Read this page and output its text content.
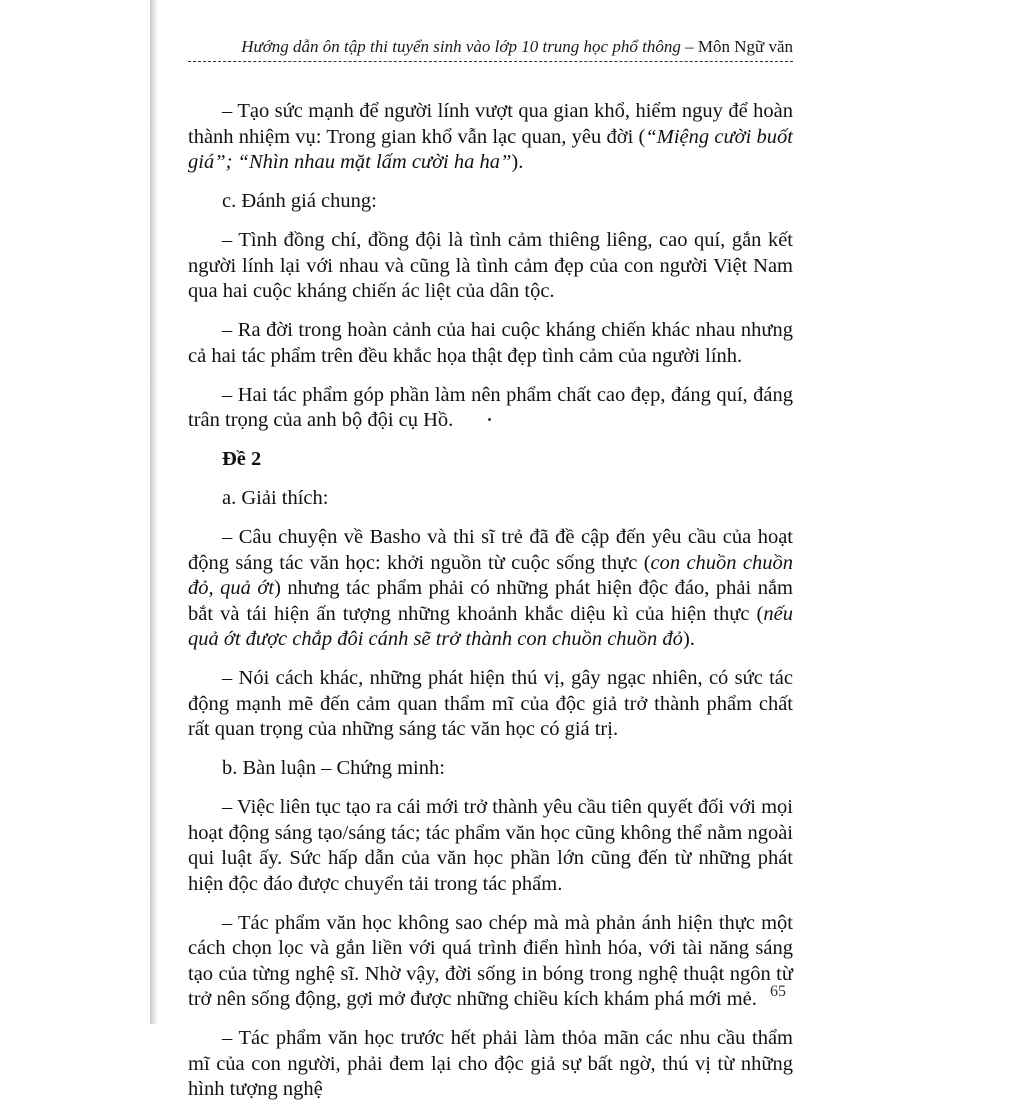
Hướng dẫn ôn tập thi tuyển sinh vào lớp 10 trung học phổ thông – Môn Ngữ văn

– Tạo sức mạnh để người lính vượt qua gian khổ, hiểm nguy để hoàn thành nhiệm vụ: Trong gian khổ vẫn lạc quan, yêu đời (“Miệng cười buốt giá”; “Nhìn nhau mặt lấm cười ha ha”).

c. Đánh giá chung:

– Tình đồng chí, đồng đội là tình cảm thiêng liêng, cao quí, gắn kết người lính lại với nhau và cũng là tình cảm đẹp của con người Việt Nam qua hai cuộc kháng chiến ác liệt của dân tộc.

– Ra đời trong hoàn cảnh của hai cuộc kháng chiến khác nhau nhưng cả hai tác phẩm trên đều khắc họa thật đẹp tình cảm của người lính.

– Hai tác phẩm góp phần làm nên phẩm chất cao đẹp, đáng quí, đáng trân trọng của anh bộ đội cụ Hồ.

Đề 2

a. Giải thích:

– Câu chuyện về Basho và thi sĩ trẻ đã đề cập đến yêu cầu của hoạt động sáng tác văn học: khởi nguồn từ cuộc sống thực (con chuồn chuồn đỏ, quả ớt) nhưng tác phẩm phải có những phát hiện độc đáo, phải nắm bắt và tái hiện ấn tượng những khoảnh khắc diệu kì của hiện thực (nếu quả ớt được chắp đôi cánh sẽ trở thành con chuồn chuồn đỏ).

– Nói cách khác, những phát hiện thú vị, gây ngạc nhiên, có sức tác động mạnh mẽ đến cảm quan thẩm mĩ của độc giả trở thành phẩm chất rất quan trọng của những sáng tác văn học có giá trị.

b. Bàn luận – Chứng minh:

– Việc liên tục tạo ra cái mới trở thành yêu cầu tiên quyết đối với mọi hoạt động sáng tạo/sáng tác; tác phẩm văn học cũng không thể nằm ngoài qui luật ấy. Sức hấp dẫn của văn học phần lớn cũng đến từ những phát hiện độc đáo được chuyển tải trong tác phẩm.

– Tác phẩm văn học không sao chép mà mà phản ánh hiện thực một cách chọn lọc và gắn liền với quá trình điển hình hóa, với tài năng sáng tạo của từng nghệ sĩ. Nhờ vậy, đời sống in bóng trong nghệ thuật ngôn từ trở nên sống động, gợi mở được những chiều kích khám phá mới mẻ.

– Tác phẩm văn học trước hết phải làm thỏa mãn các nhu cầu thẩm mĩ của con người, phải đem lại cho độc giả sự bất ngờ, thú vị từ những hình tượng nghệ

65
